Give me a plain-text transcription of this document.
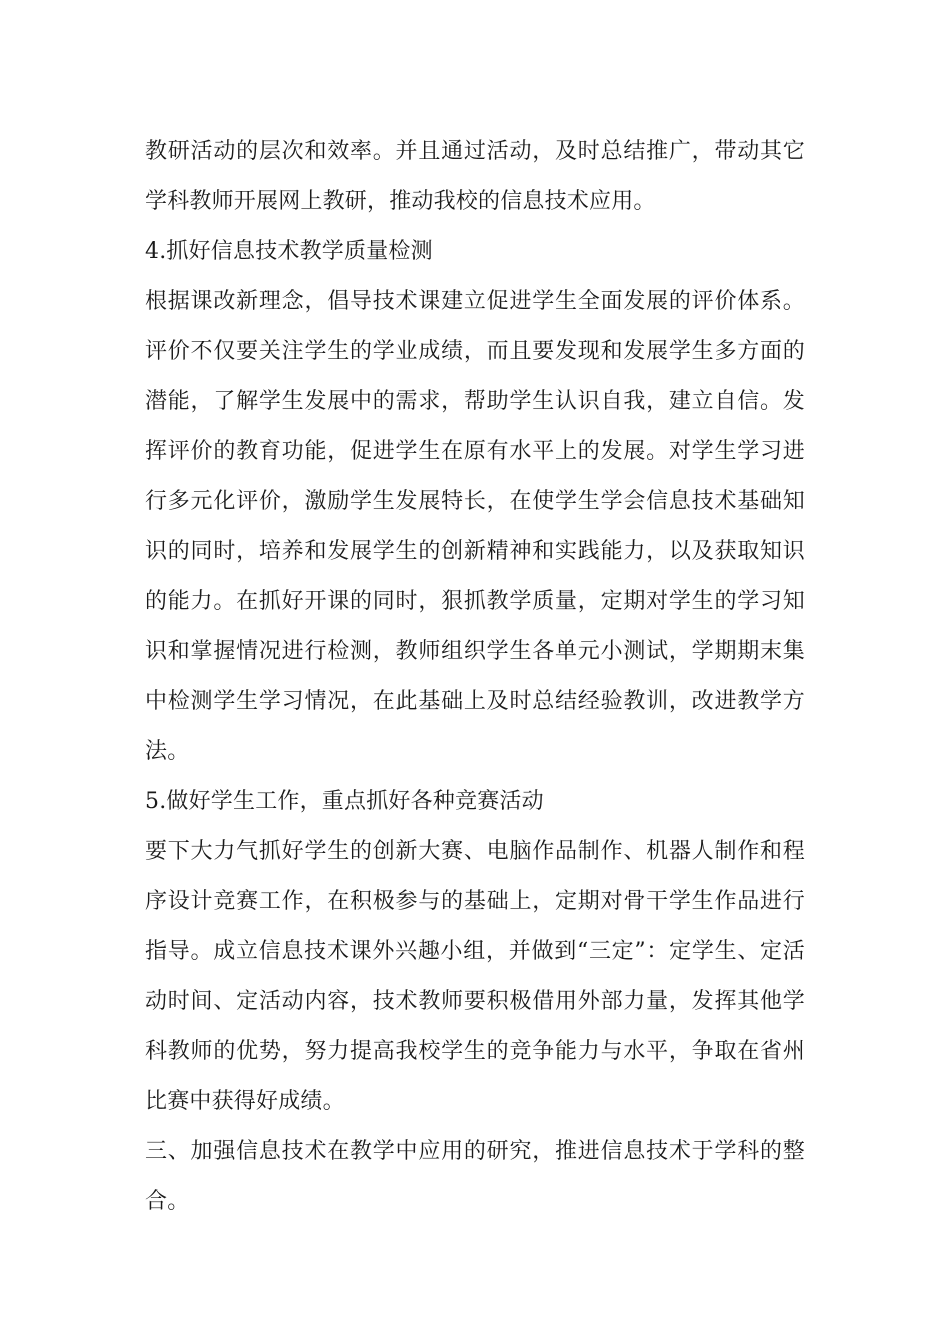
教研活动的层次和效率。并且通过活动，及时总结推广，带动其它学科教师开展网上教研，推动我校的信息技术应用。

4.抓好信息技术教学质量检测

根据课改新理念，倡导技术课建立促进学生全面发展的评价体系。评价不仅要关注学生的学业成绩，而且要发现和发展学生多方面的潜能，了解学生发展中的需求，帮助学生认识自我，建立自信。发挥评价的教育功能，促进学生在原有水平上的发展。对学生学习进行多元化评价，激励学生发展特长，在使学生学会信息技术基础知识的同时，培养和发展学生的创新精神和实践能力，以及获取知识的能力。在抓好开课的同时，狠抓教学质量，定期对学生的学习知识和掌握情况进行检测，教师组织学生各单元小测试，学期期末集中检测学生学习情况，在此基础上及时总结经验教训，改进教学方法。

5.做好学生工作，重点抓好各种竞赛活动

要下大力气抓好学生的创新大赛、电脑作品制作、机器人制作和程序设计竞赛工作，在积极参与的基础上，定期对骨干学生作品进行指导。成立信息技术课外兴趣小组，并做到“三定”：定学生、定活动时间、定活动内容，技术教师要积极借用外部力量，发挥其他学科教师的优势，努力提高我校学生的竞争能力与水平，争取在省州比赛中获得好成绩。

三、加强信息技术在教学中应用的研究，推进信息技术于学科的整合。
